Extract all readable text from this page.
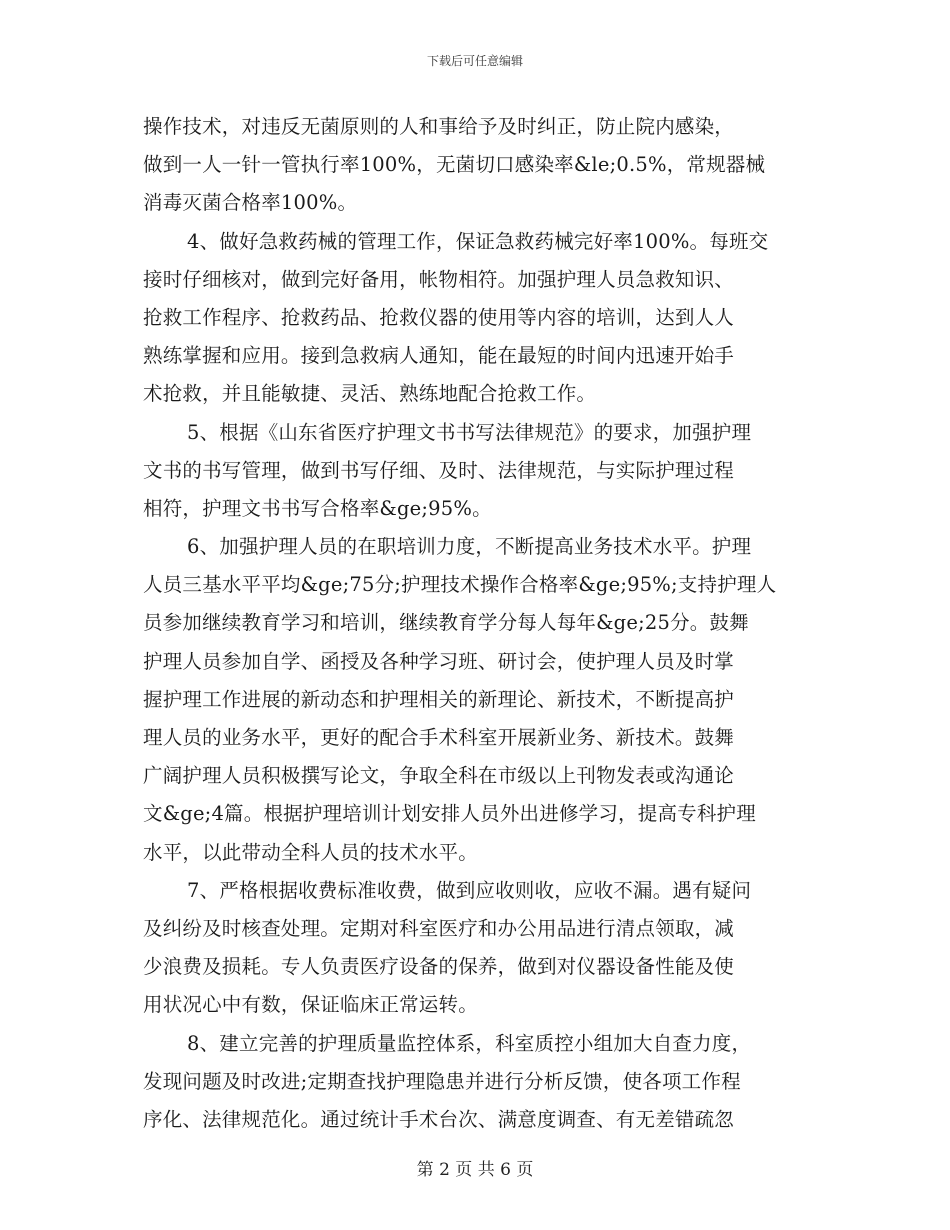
下载后可任意编辑
操作技术，对违反无菌原则的人和事给予及时纠正，防止院内感染，
做到一人一针一管执行率100%，无菌切口感染率&le;0.5%，常规器械
消毒灭菌合格率100%。
4、做好急救药械的管理工作，保证急救药械完好率100%。每班交
接时仔细核对，做到完好备用，帐物相符。加强护理人员急救知识、
抢救工作程序、抢救药品、抢救仪器的使用等内容的培训，达到人人
熟练掌握和应用。接到急救病人通知，能在最短的时间内迅速开始手
术抢救，并且能敏捷、灵活、熟练地配合抢救工作。
5、根据《山东省医疗护理文书书写法律规范》的要求，加强护理
文书的书写管理，做到书写仔细、及时、法律规范，与实际护理过程
相符，护理文书书写合格率&ge;95%。
6、加强护理人员的在职培训力度，不断提高业务技术水平。护理
人员三基水平平均&ge;75分;护理技术操作合格率&ge;95%;支持护理人
员参加继续教育学习和培训，继续教育学分每人每年&ge;25分。鼓舞
护理人员参加自学、函授及各种学习班、研讨会，使护理人员及时掌
握护理工作进展的新动态和护理相关的新理论、新技术，不断提高护
理人员的业务水平，更好的配合手术科室开展新业务、新技术。鼓舞
广阔护理人员积极撰写论文，争取全科在市级以上刊物发表或沟通论
文&ge;4篇。根据护理培训计划安排人员外出进修学习，提高专科护理
水平，以此带动全科人员的技术水平。
7、严格根据收费标准收费，做到应收则收，应收不漏。遇有疑问
及纠纷及时核查处理。定期对科室医疗和办公用品进行清点领取，减
少浪费及损耗。专人负责医疗设备的保养，做到对仪器设备性能及使
用状况心中有数，保证临床正常运转。
8、建立完善的护理质量监控体系，科室质控小组加大自查力度，
发现问题及时改进;定期查找护理隐患并进行分析反馈，使各项工作程
序化、法律规范化。通过统计手术台次、满意度调查、有无差错疏忽
第 2 页 共 6 页
